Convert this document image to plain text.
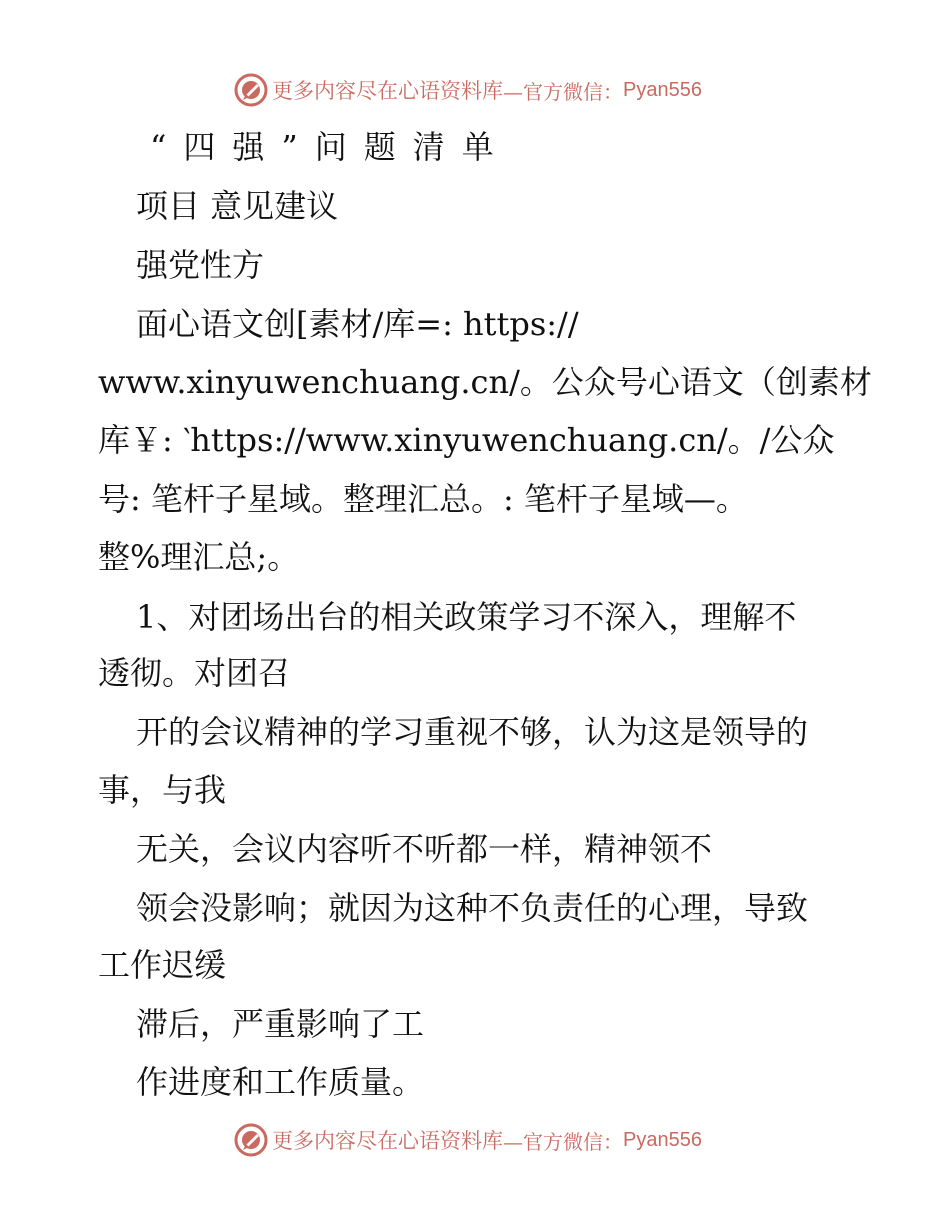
更多内容尽在心语资料库 —官方微信： Pyan556
“四强”问题清单
项目 意见建议
强党性方
面心语文创[素材/库=: https://
www.xinyuwenchuang.cn/。公众号心语文（创素材
库￥: ‵https://www.xinyuwenchuang.cn/。/公众
号: 笔杆子星域。整理汇总。: 笔杆子星域—。
整%理汇总;。
1、对团场出台的相关政策学习不深入，理解不
透彻。对团召
开的会议精神的学习重视不够，认为这是领导的
事，与我
无关，会议内容听不听都一样，精神领不
领会没影响；就因为这种不负责任的心理，导致
工作迟缓
滞后，严重影响了工
作进度和工作质量。
更多内容尽在心语资料库 —官方微信： Pyan556
